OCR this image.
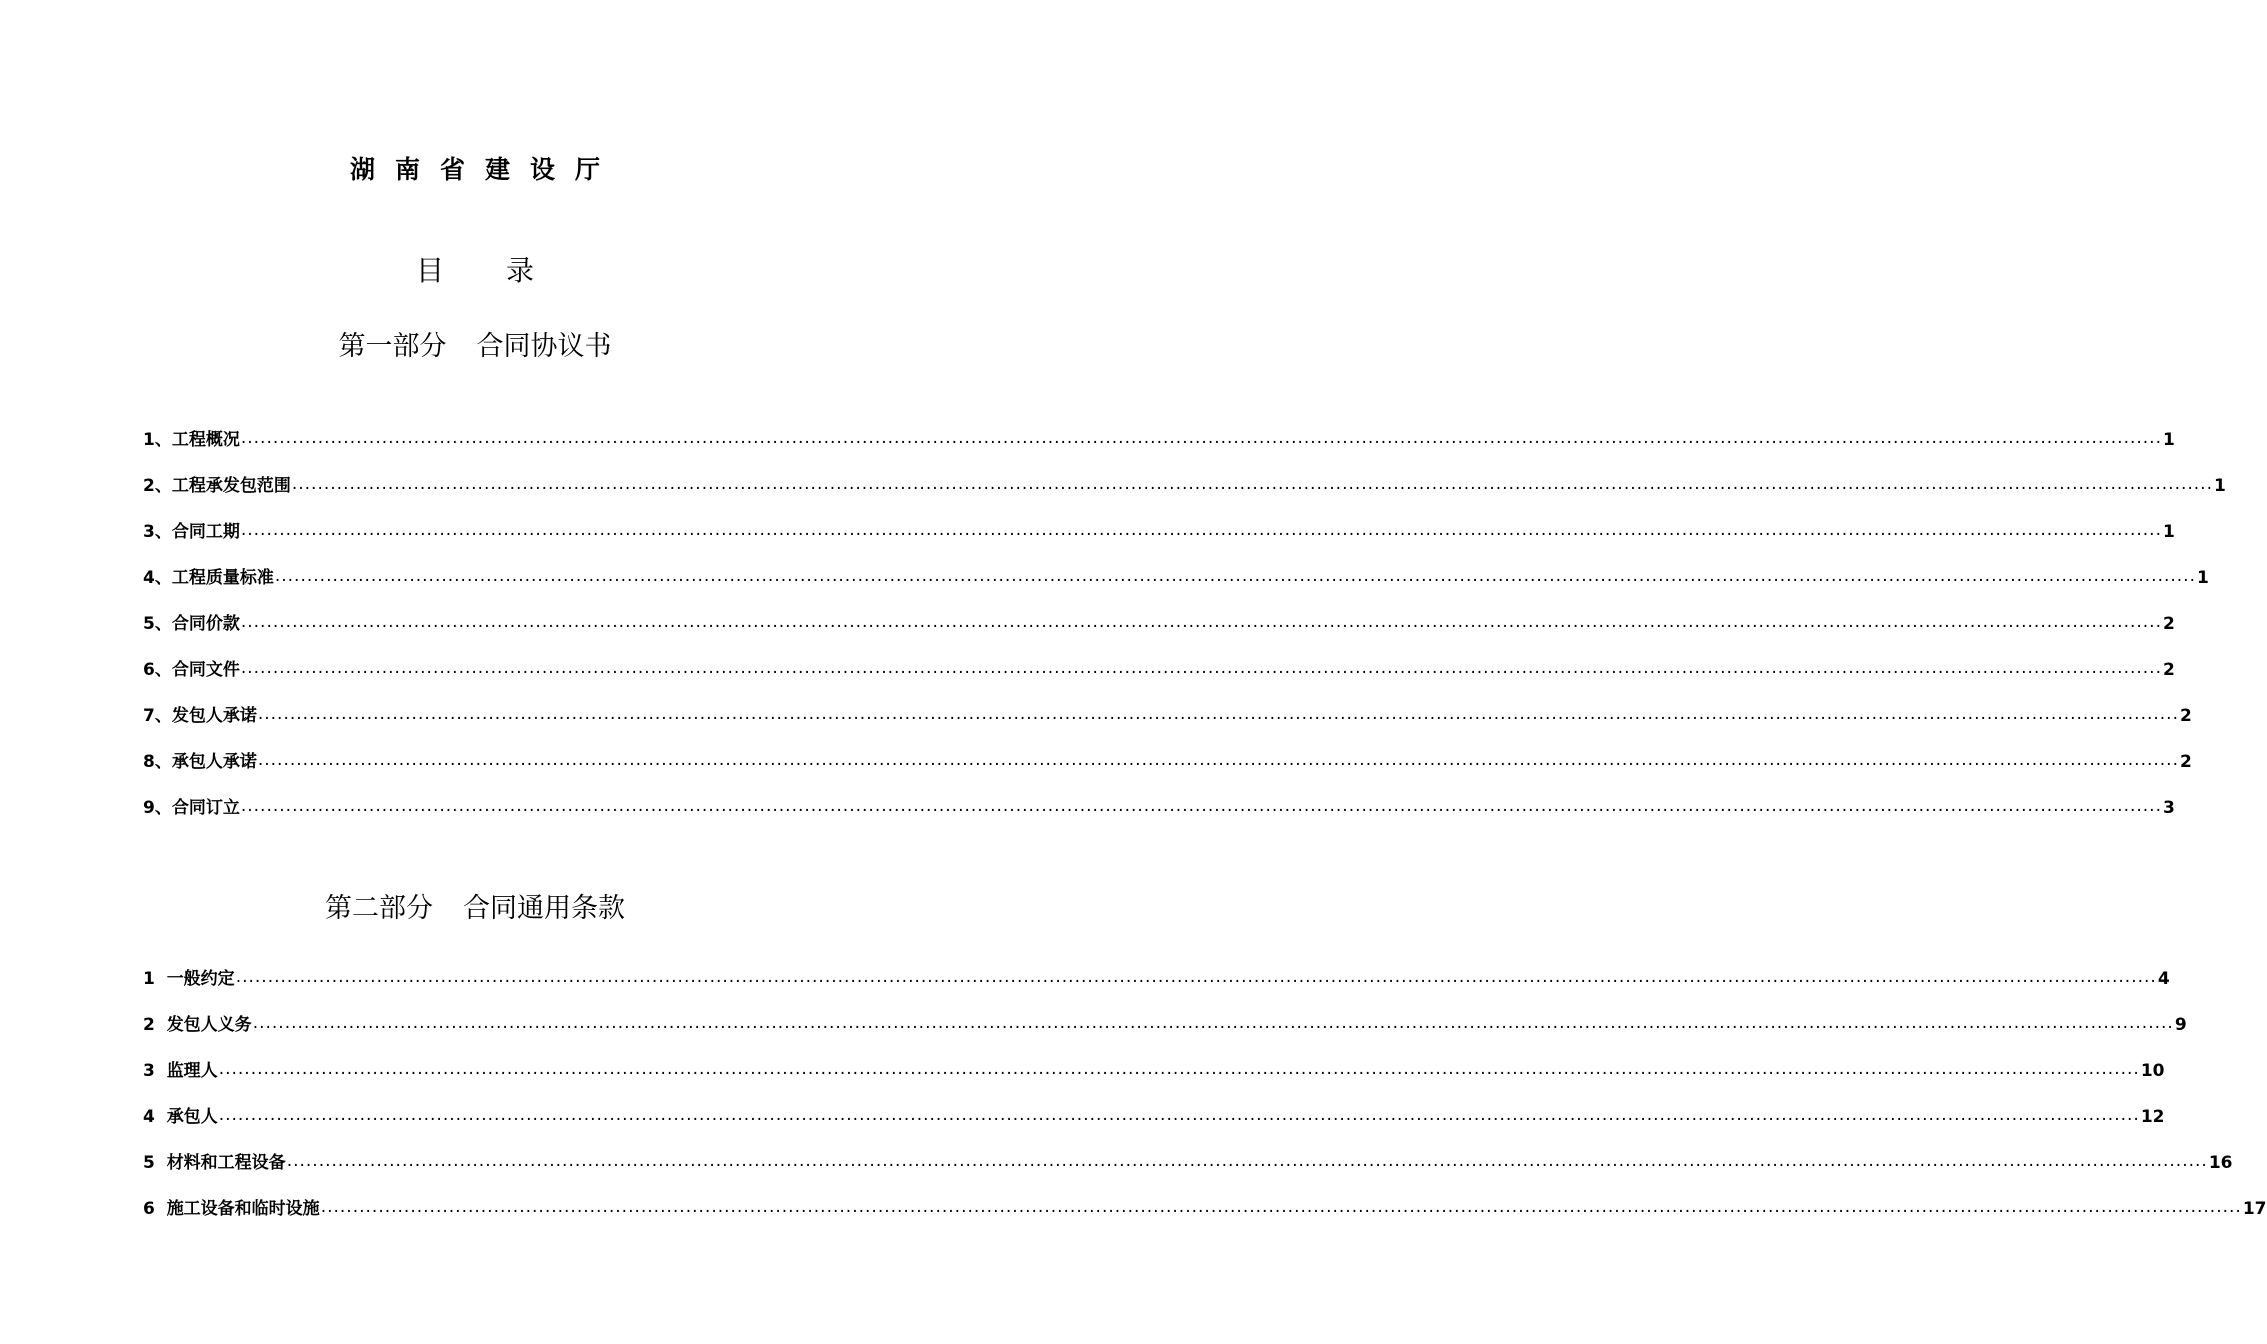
湖南省建设厅
目 录
第一部分 合同协议书
1 、 工程概况 ............................................................................................................................................................................................................................................................................................................ 1
2 、 工程承发包范围 ............................................................................................................................................................................................................................................................................................................ 1
3 、 合同工期 ............................................................................................................................................................................................................................................................................................................ 1
4 、 工程质量标准 ............................................................................................................................................................................................................................................................................................................ 1
5 、 合同价款 ............................................................................................................................................................................................................................................................................................................ 2
6 、 合同文件 ............................................................................................................................................................................................................................................................................................................ 2
7 、 发包人承诺 ............................................................................................................................................................................................................................................................................................................ 2
8 、 承包人承诺 ............................................................................................................................................................................................................................................................................................................ 2
9 、 合同订立 ............................................................................................................................................................................................................................................................................................................ 3
第二部分 合同通用条款
1
一般约定 ............................................................................................................................................................................................................................................................................................................ 4
2
发包人义务 ............................................................................................................................................................................................................................................................................................................ 9
3
监理人 ............................................................................................................................................................................................................................................................................................................ 10
4
承包人 ............................................................................................................................................................................................................................................................................................................ 12
5
材料和工程设备 ............................................................................................................................................................................................................................................................................................................ 16
6
施工设备和临时设施 ............................................................................................................................................................................................................................................................................................................ 17
